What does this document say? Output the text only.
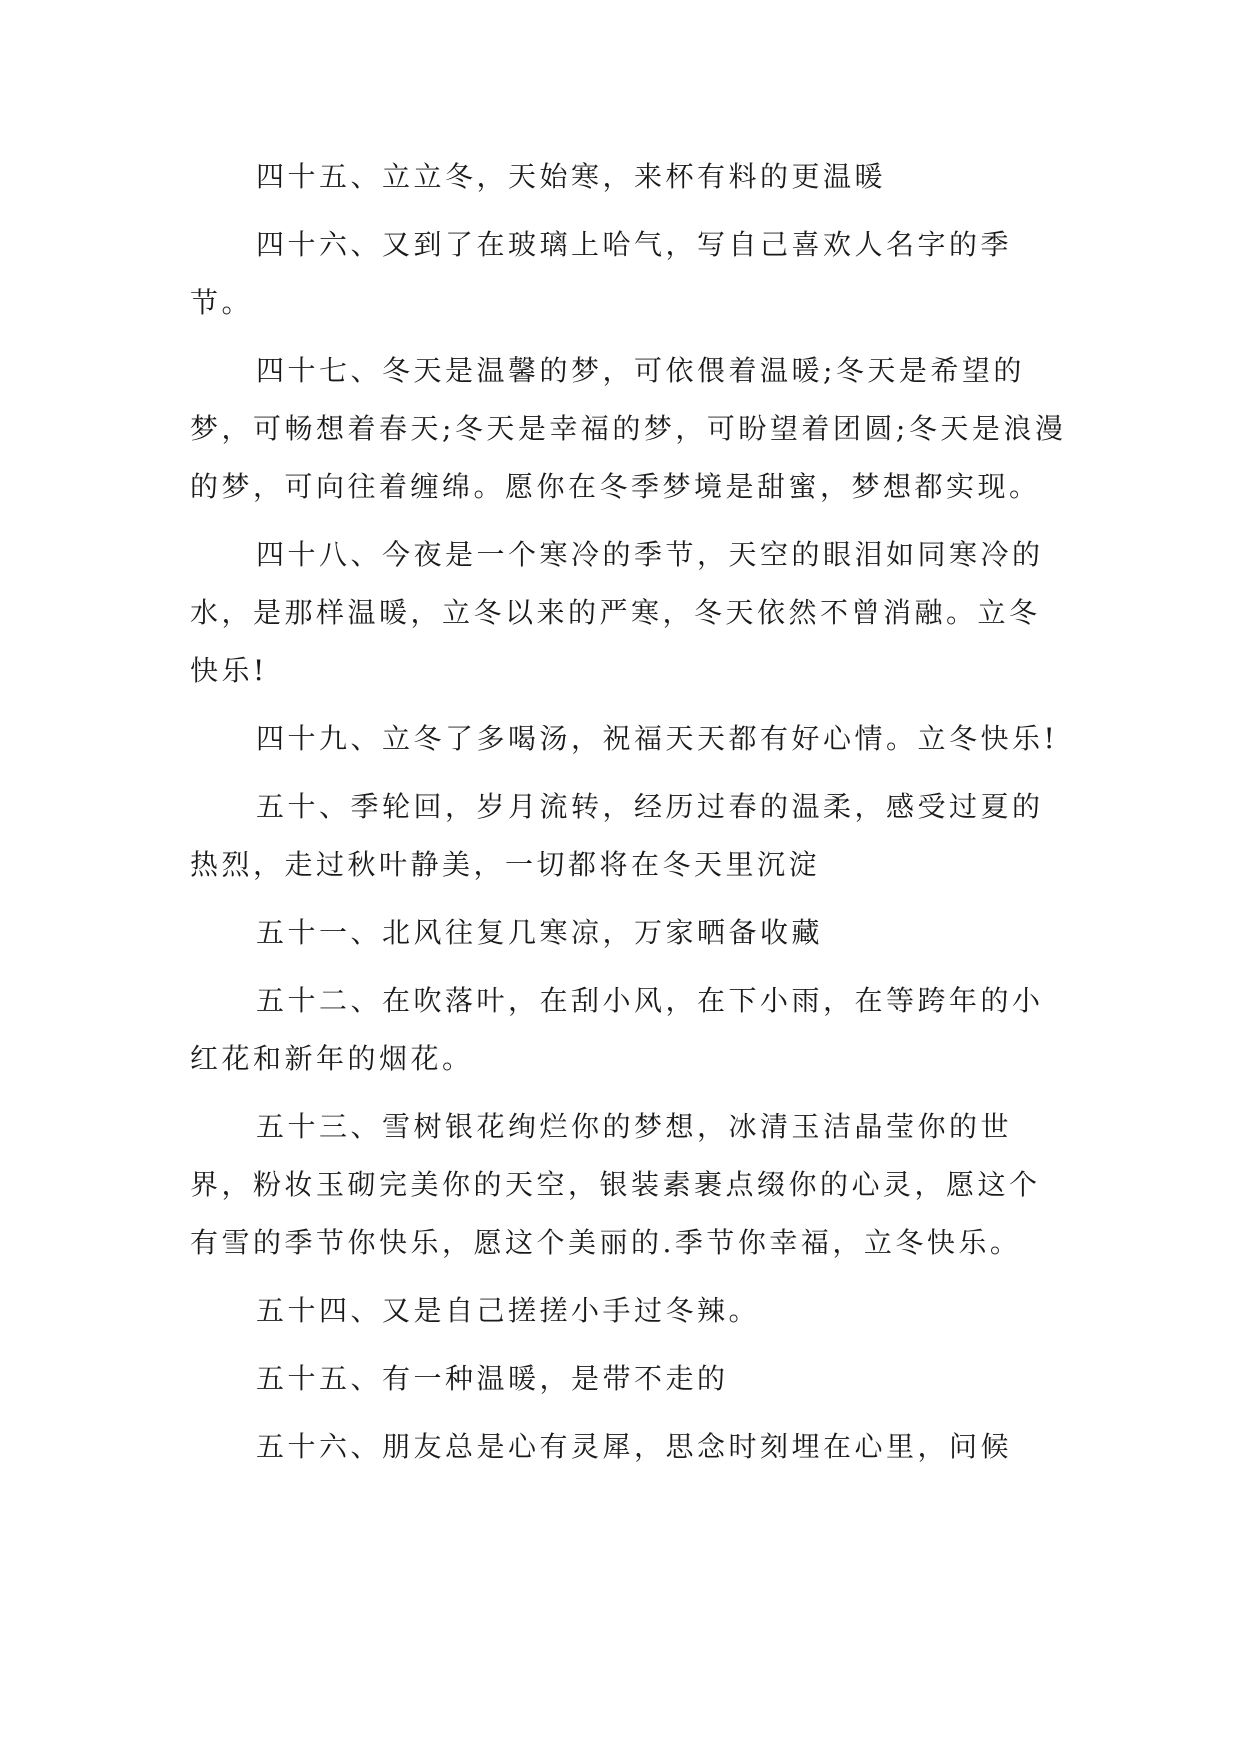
四十五、立立冬，天始寒，来杯有料的更温暖

四十六、又到了在玻璃上哈气，写自己喜欢人名字的季节。

四十七、冬天是温馨的梦，可依偎着温暖;冬天是希望的梦，可畅想着春天;冬天是幸福的梦，可盼望着团圆;冬天是浪漫的梦，可向往着缠绵。愿你在冬季梦境是甜蜜，梦想都实现。

四十八、今夜是一个寒冷的季节，天空的眼泪如同寒冷的水，是那样温暖，立冬以来的严寒，冬天依然不曾消融。立冬快乐!

四十九、立冬了多喝汤，祝福天天都有好心情。立冬快乐!

五十、季轮回，岁月流转，经历过春的温柔，感受过夏的热烈，走过秋叶静美，一切都将在冬天里沉淀

五十一、北风往复几寒凉，万家晒备收藏

五十二、在吹落叶，在刮小风，在下小雨，在等跨年的小红花和新年的烟花。

五十三、雪树银花绚烂你的梦想，冰清玉洁晶莹你的世界，粉妆玉砌完美你的天空，银装素裹点缀你的心灵，愿这个有雪的季节你快乐，愿这个美丽的.季节你幸福，立冬快乐。

五十四、又是自己搓搓小手过冬辣。

五十五、有一种温暖，是带不走的

五十六、朋友总是心有灵犀，思念时刻埋在心里，问候
